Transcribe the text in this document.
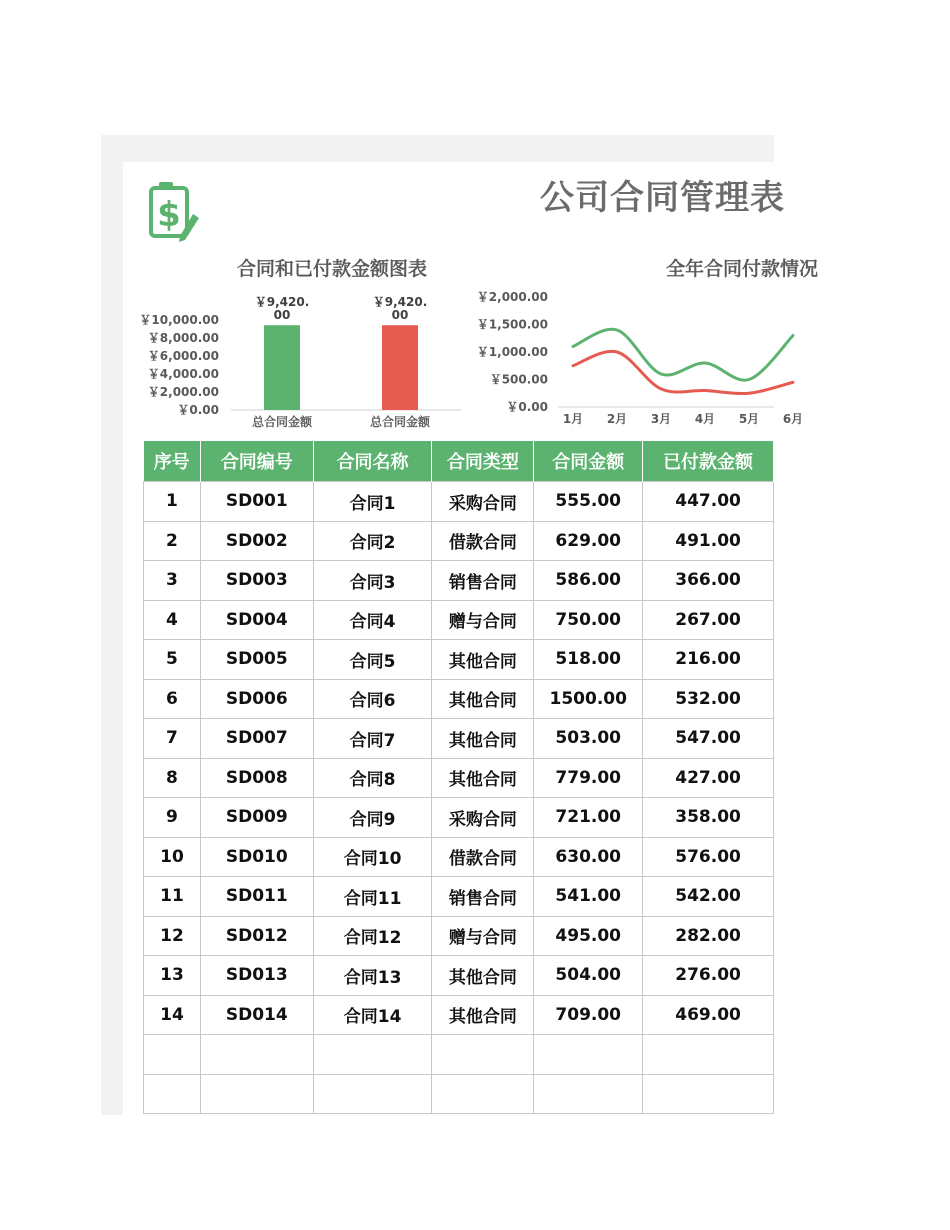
$	公司合同管理表
合同和已付款金额图表
￥0.00
￥2,000.00
￥4,000.00
￥6,000.00
￥8,000.00
￥10,000.00
￥9,420.
00
总合同金额
￥9,420.
00
总合同金额
全年合同付款情况
￥0.00
￥500.00
￥1,000.00
￥1,500.00
￥2,000.00
1月 2月 3月 4月 5月 6月
序号	合同编号	合同名称	合同类型	合同金额	已付款金额
1	SD001	合同1	采购合同	555.00	447.00
2	SD002	合同2	借款合同	629.00	491.00
3	SD003	合同3	销售合同	586.00	366.00
4	SD004	合同4	赠与合同	750.00	267.00
5	SD005	合同5	其他合同	518.00	216.00
6	SD006	合同6	其他合同	1500.00	532.00
7	SD007	合同7	其他合同	503.00	547.00
8	SD008	合同8	其他合同	779.00	427.00
9	SD009	合同9	采购合同	721.00	358.00
10	SD010	合同10	借款合同	630.00	576.00
11	SD011	合同11	销售合同	541.00	542.00
12	SD012	合同12	赠与合同	495.00	282.00
13	SD013	合同13	其他合同	504.00	276.00
14	SD014	合同14	其他合同	709.00	469.00
